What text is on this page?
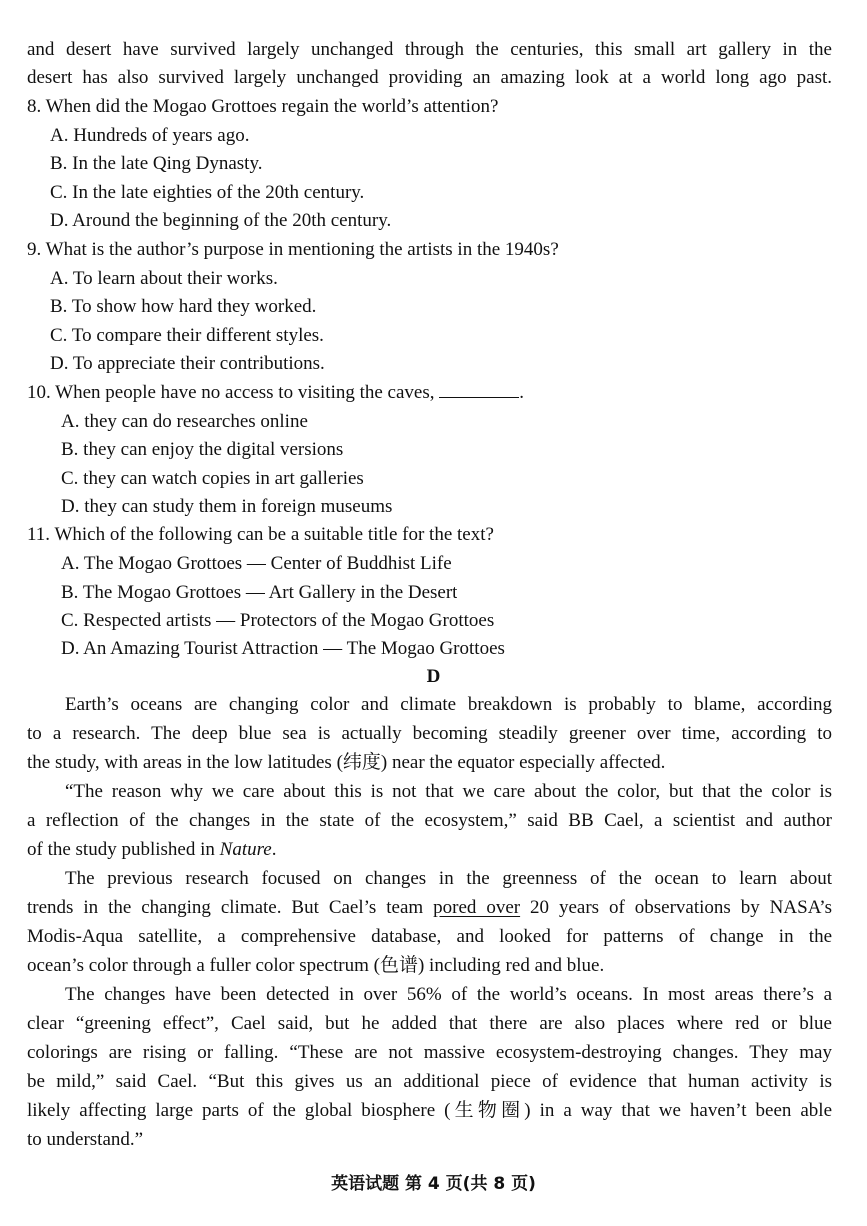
and desert have survived largely unchanged through the centuries, this small art gallery in the
desert has also survived largely unchanged providing an amazing look at a world long ago past.
8. When did the Mogao Grottoes regain the world’s attention?
A. Hundreds of years ago.
B. In the late Qing Dynasty.
C. In the late eighties of the 20th century.
D. Around the beginning of the 20th century.
9. What is the author’s purpose in mentioning the artists in the 1940s?
A. To learn about their works.
B. To show how hard they worked.
C. To compare their different styles.
D. To appreciate their contributions.
10. When people have no access to visiting the caves,	.
A. they can do researches online
B. they can enjoy the digital versions
C. they can watch copies in art galleries
D. they can study them in foreign museums
11. Which of the following can be a suitable title for the text?
A. The Mogao Grottoes — Center of Buddhist Life
B. The Mogao Grottoes — Art Gallery in the Desert
C. Respected artists — Protectors of the Mogao Grottoes
D. An Amazing Tourist Attraction — The Mogao Grottoes
D
Earth’s oceans are changing color and climate breakdown is probably to blame, according
to a research. The deep blue sea is actually becoming steadily greener over time, according to
the study, with areas in the low latitudes (纬度) near the equator especially affected.
“The reason why we care about this is not that we care about the color, but that the color is
a reflection of the changes in the state of the ecosystem,” said BB Cael, a scientist and author
of the study published in Nature.
The previous research focused on changes in the greenness of the ocean to learn about
trends in the changing climate. But Cael’s team pored over 20 years of observations by NASA’s
Modis-Aqua satellite, a comprehensive database, and looked for patterns of change in the
ocean’s color through a fuller color spectrum (色谱) including red and blue.
The changes have been detected in over 56% of the world’s oceans. In most areas there’s a
clear “greening effect”, Cael said, but he added that there are also places where red or blue
colorings are rising or falling. “These are not massive ecosystem-destroying changes. They may
be mild,” said Cael. “But this gives us an additional piece of evidence that human activity is
likely affecting large parts of the global biosphere (生物圈) in a way that we haven’t been able
to understand.”
英语试题 第 4 页(共 8 页)
